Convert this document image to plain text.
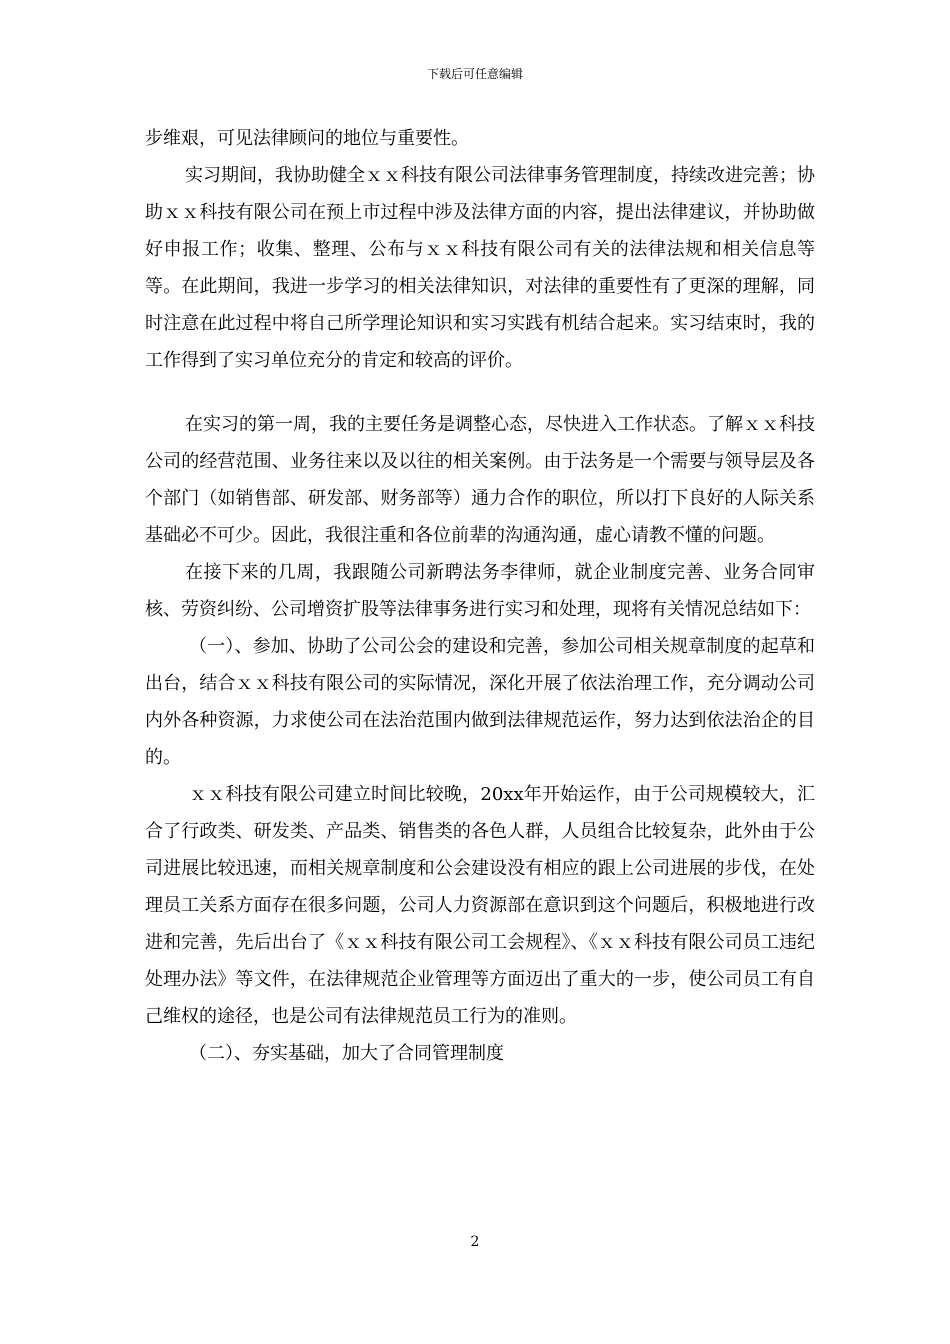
下载后可任意编辑

步维艰，可见法律顾问的地位与重要性。

实习期间，我协助健全ｘｘ科技有限公司法律事务管理制度，持续改进完善；协助ｘｘ科技有限公司在预上市过程中涉及法律方面的内容，提出法律建议，并协助做好申报工作；收集、整理、公布与ｘｘ科技有限公司有关的法律法规和相关信息等等。在此期间，我进一步学习的相关法律知识，对法律的重要性有了更深的理解，同时注意在此过程中将自己所学理论知识和实习实践有机结合起来。实习结束时，我的工作得到了实习单位充分的肯定和较高的评价。

在实习的第一周，我的主要任务是调整心态，尽快进入工作状态。了解ｘｘ科技公司的经营范围、业务往来以及以往的相关案例。由于法务是一个需要与领导层及各个部门（如销售部、研发部、财务部等）通力合作的职位，所以打下良好的人际关系基础必不可少。因此，我很注重和各位前辈的沟通沟通，虚心请教不懂的问题。

在接下来的几周，我跟随公司新聘法务李律师，就企业制度完善、业务合同审核、劳资纠纷、公司增资扩股等法律事务进行实习和处理，现将有关情况总结如下：

（一）、参加、协助了公司公会的建设和完善，参加公司相关规章制度的起草和出台，结合ｘｘ科技有限公司的实际情况，深化开展了依法治理工作，充分调动公司内外各种资源，力求使公司在法治范围内做到法律规范运作，努力达到依法治企的目的。

ｘｘ科技有限公司建立时间比较晚，20xx年开始运作，由于公司规模较大，汇合了行政类、研发类、产品类、销售类的各色人群，人员组合比较复杂，此外由于公司进展比较迅速，而相关规章制度和公会建设没有相应的跟上公司进展的步伐，在处理员工关系方面存在很多问题，公司人力资源部在意识到这个问题后，积极地进行改进和完善，先后出台了《ｘｘ科技有限公司工会规程》、《ｘｘ科技有限公司员工违纪处理办法》等文件，在法律规范企业管理等方面迈出了重大的一步，使公司员工有自己维权的途径，也是公司有法律规范员工行为的准则。

（二）、夯实基础，加大了合同管理制度

2
